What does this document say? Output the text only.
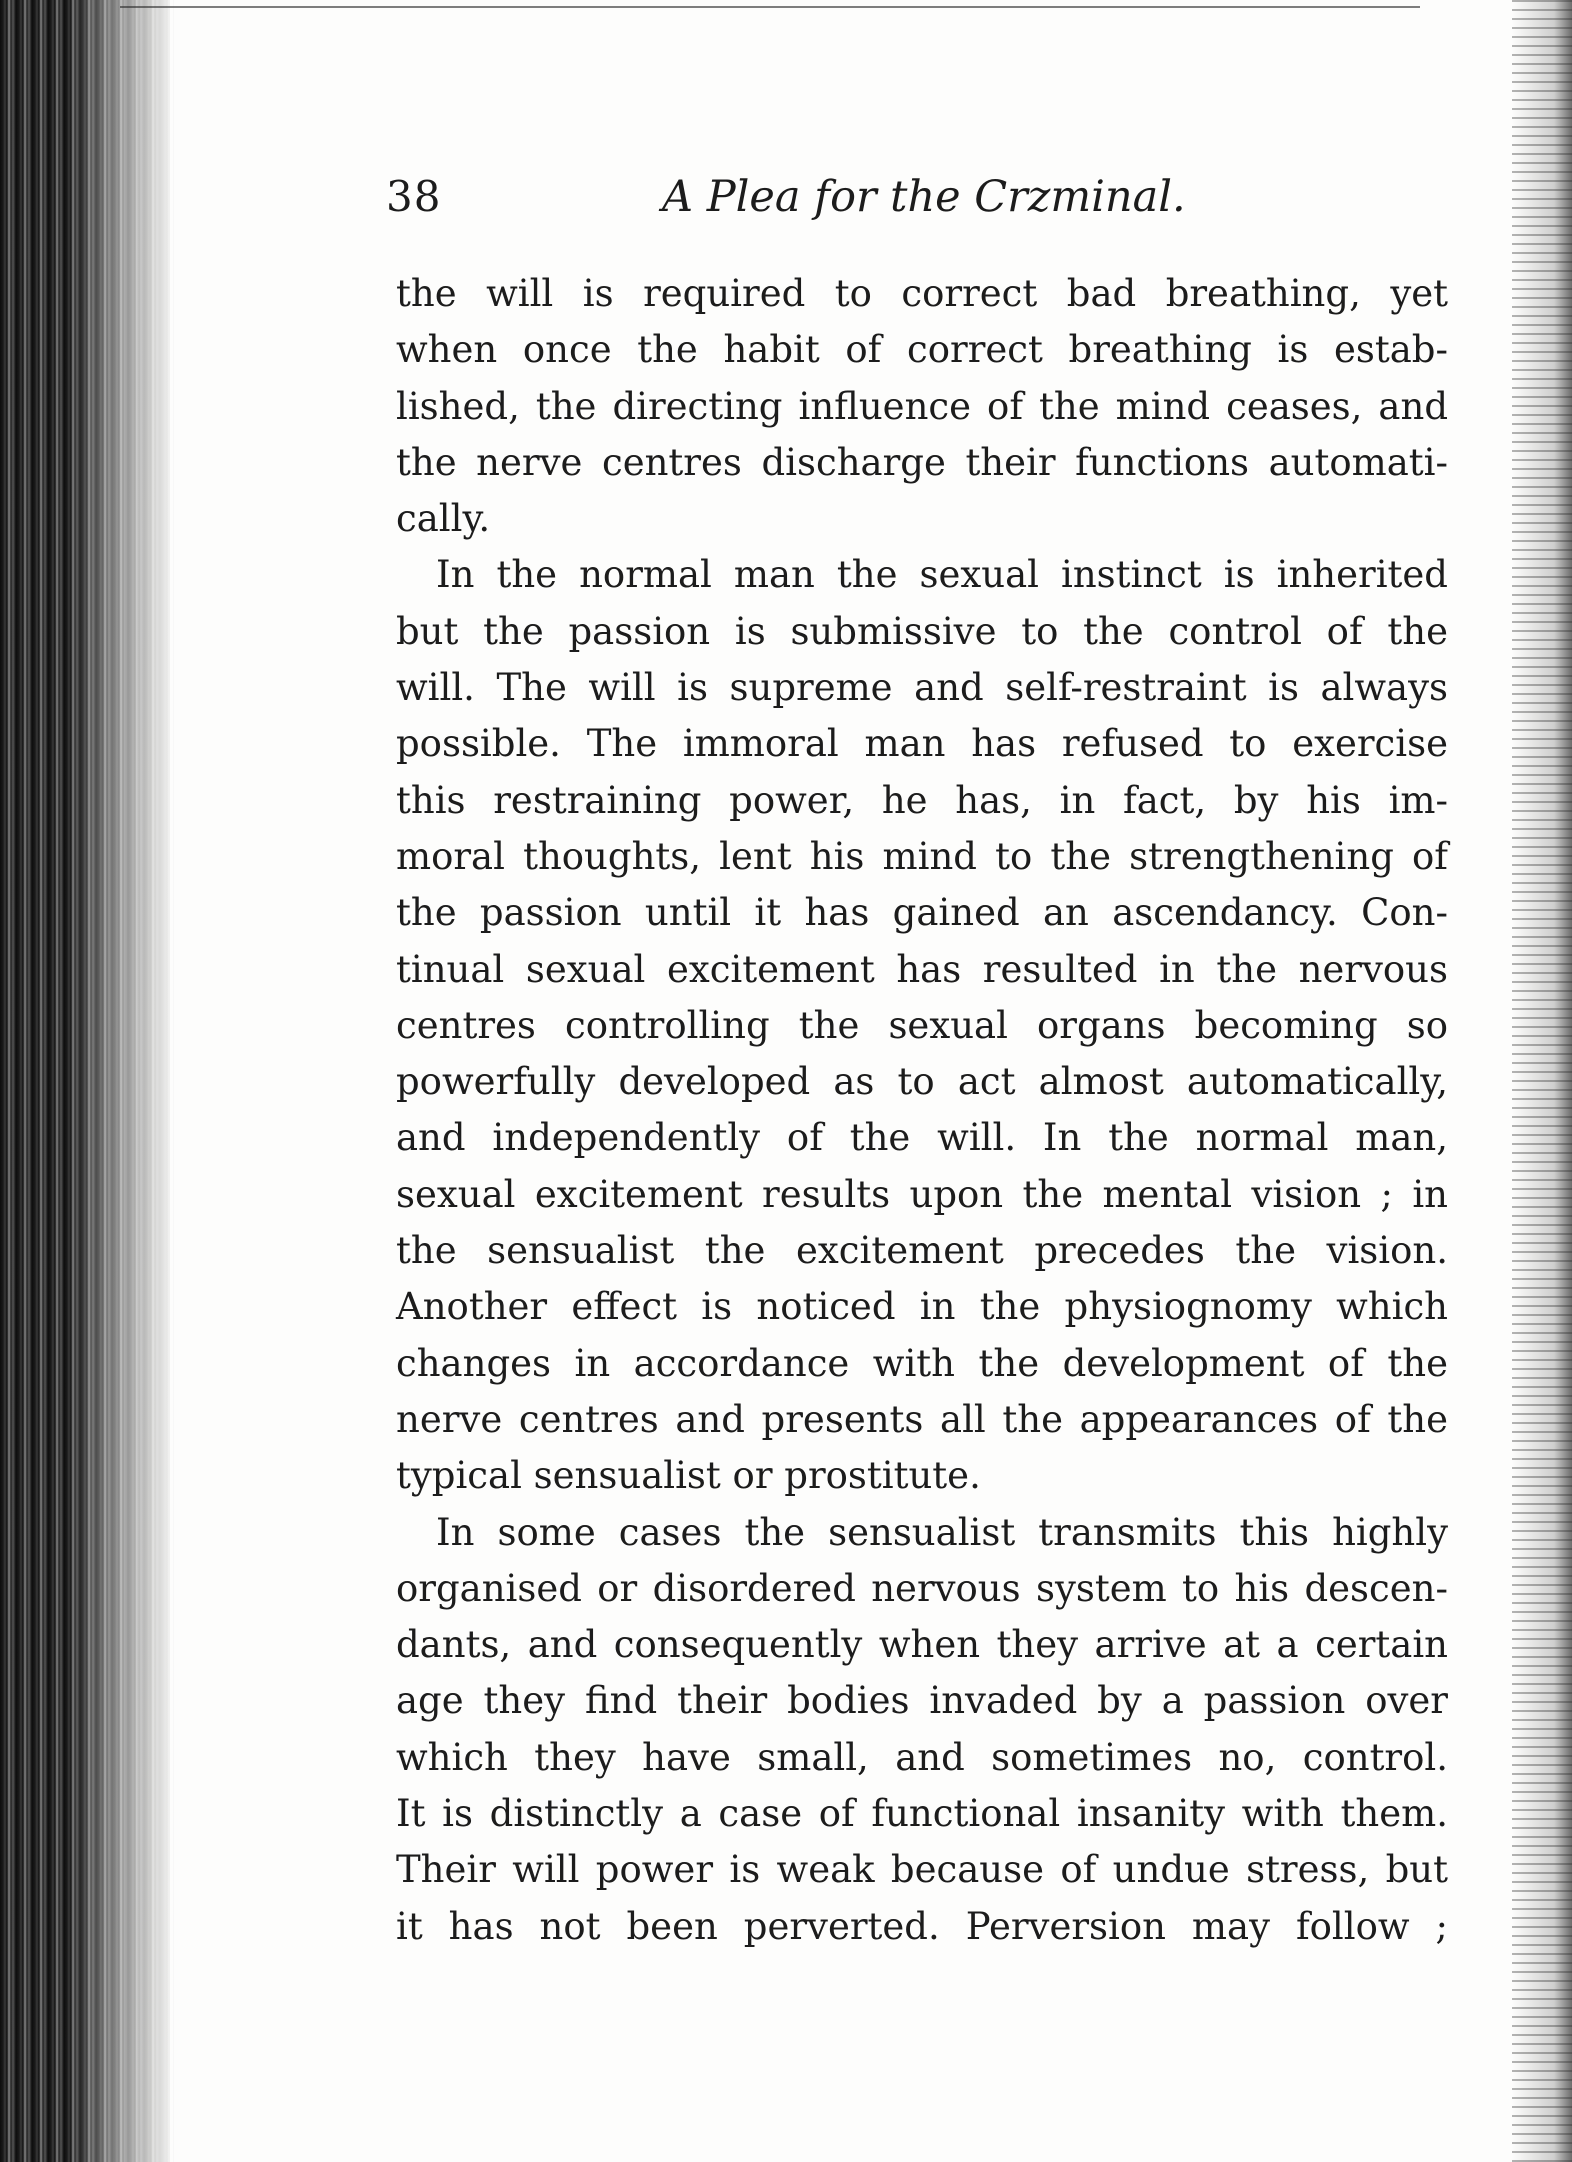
38	A Plea for the Crzminal.
the will is required to correct bad breathing, yet
when once the habit of correct breathing is estab-
lished, the directing influence of the mind ceases, and
the nerve centres discharge their functions automati-
cally.
In the normal man the sexual instinct is inherited
but the passion is submissive to the control of the
will. The will is supreme and self-restraint is always
possible. The immoral man has refused to exercise
this restraining power, he has, in fact, by his im-
moral thoughts, lent his mind to the strengthening of
the passion until it has gained an ascendancy. Con-
tinual sexual excitement has resulted in the nervous
centres controlling the sexual organs becoming so
powerfully developed as to act almost automatically,
and independently of the will. In the normal man,
sexual excitement results upon the mental vision ; in
the sensualist the excitement precedes the vision.
Another effect is noticed in the physiognomy which
changes in accordance with the development of the
nerve centres and presents all the appearances of the
typical sensualist or prostitute.
In some cases the sensualist transmits this highly
organised or disordered nervous system to his descen-
dants, and consequently when they arrive at a certain
age they find their bodies invaded by a passion over
which they have small, and sometimes no, control.
It is distinctly a case of functional insanity with them.
Their will power is weak because of undue stress, but
it has not been perverted. Perversion may follow ;
